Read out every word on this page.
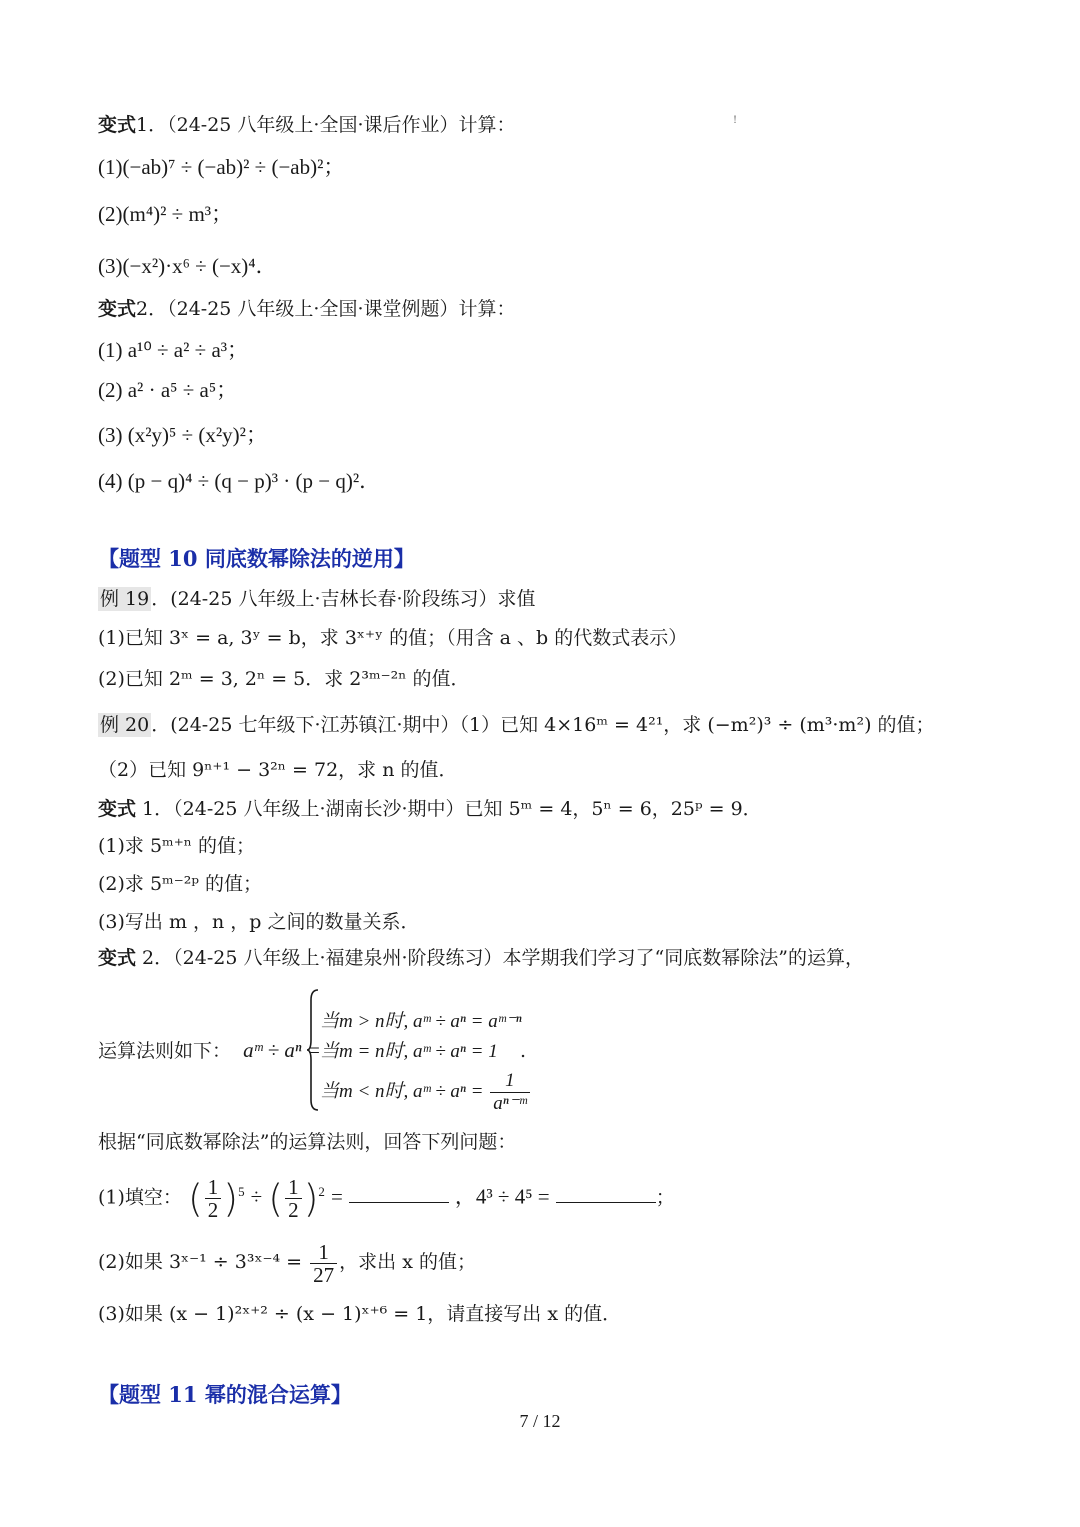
!
变式1．（24-25 八年级上·全国·课后作业）计算：
(1)(−ab)⁷ ÷ (−ab)² ÷ (−ab)²；
(2)(m⁴)² ÷ m³；
(3)(−x²)·x⁶ ÷ (−x)⁴．
变式2．（24-25 八年级上·全国·课堂例题）计算：
(1) a¹⁰ ÷ a² ÷ a³；
(2) a² · a⁵ ÷ a⁵；
(3) (x²y)⁵ ÷ (x²y)²；
(4) (p − q)⁴ ÷ (q − p)³ · (p − q)²．
【题型 10 同底数幂除法的逆用】
例 19 ．(24-25 八年级上·吉林长春·阶段练习）求值
(1)已知 3ˣ = a, 3ʸ = b，求 3ˣ⁺ʸ 的值；（用含 a 、b 的代数式表示）
(2)已知 2ᵐ = 3, 2ⁿ = 5．求 2³ᵐ⁻²ⁿ 的值．
例 20 ．(24-25 七年级下·江苏镇江·期中）（1）已知 4×16ᵐ = 4²¹，求 (−m²)³ ÷ (m³·m²) 的值；
（2）已知 9ⁿ⁺¹ − 3²ⁿ = 72，求 n 的值．
变式 1．（24-25 八年级上·湖南长沙·期中）已知 5ᵐ = 4，5ⁿ = 6，25ᵖ = 9．
(1)求 5ᵐ⁺ⁿ 的值；
(2)求 5ᵐ⁻²ᵖ 的值；
(3)写出 m ，n ，p 之间的数量关系．
变式 2．（24-25 八年级上·福建泉州·阶段练习）本学期我们学习了“同底数幂除法”的运算，
运算法则如下： aᵐ ÷ aⁿ =
当m > n时, aᵐ ÷ aⁿ = aᵐ⁻ⁿ
当m = n时, aᵐ ÷ aⁿ = 1
当m < n时, aᵐ ÷ $a^n = \frac{1}{\text{aⁿ⁻ᵐ}}$
.
根据“同底数幂除法”的运算法则，回答下列问题：
(1)填空： ( $\frac{1}{2} )^5$ ÷ ( $\frac{1}{2} )^2$ =	，4³ ÷ 4⁵ =	；
(2)如果 3ˣ⁻¹ ÷ 3³ˣ⁻⁴ = $\frac{1}{27}$ ，求出 x 的值；
(3)如果 (x − 1)²ˣ⁺² ÷ (x − 1)ˣ⁺⁶ = 1，请直接写出 x 的值．
【题型 11 幂的混合运算】
7 / 12
